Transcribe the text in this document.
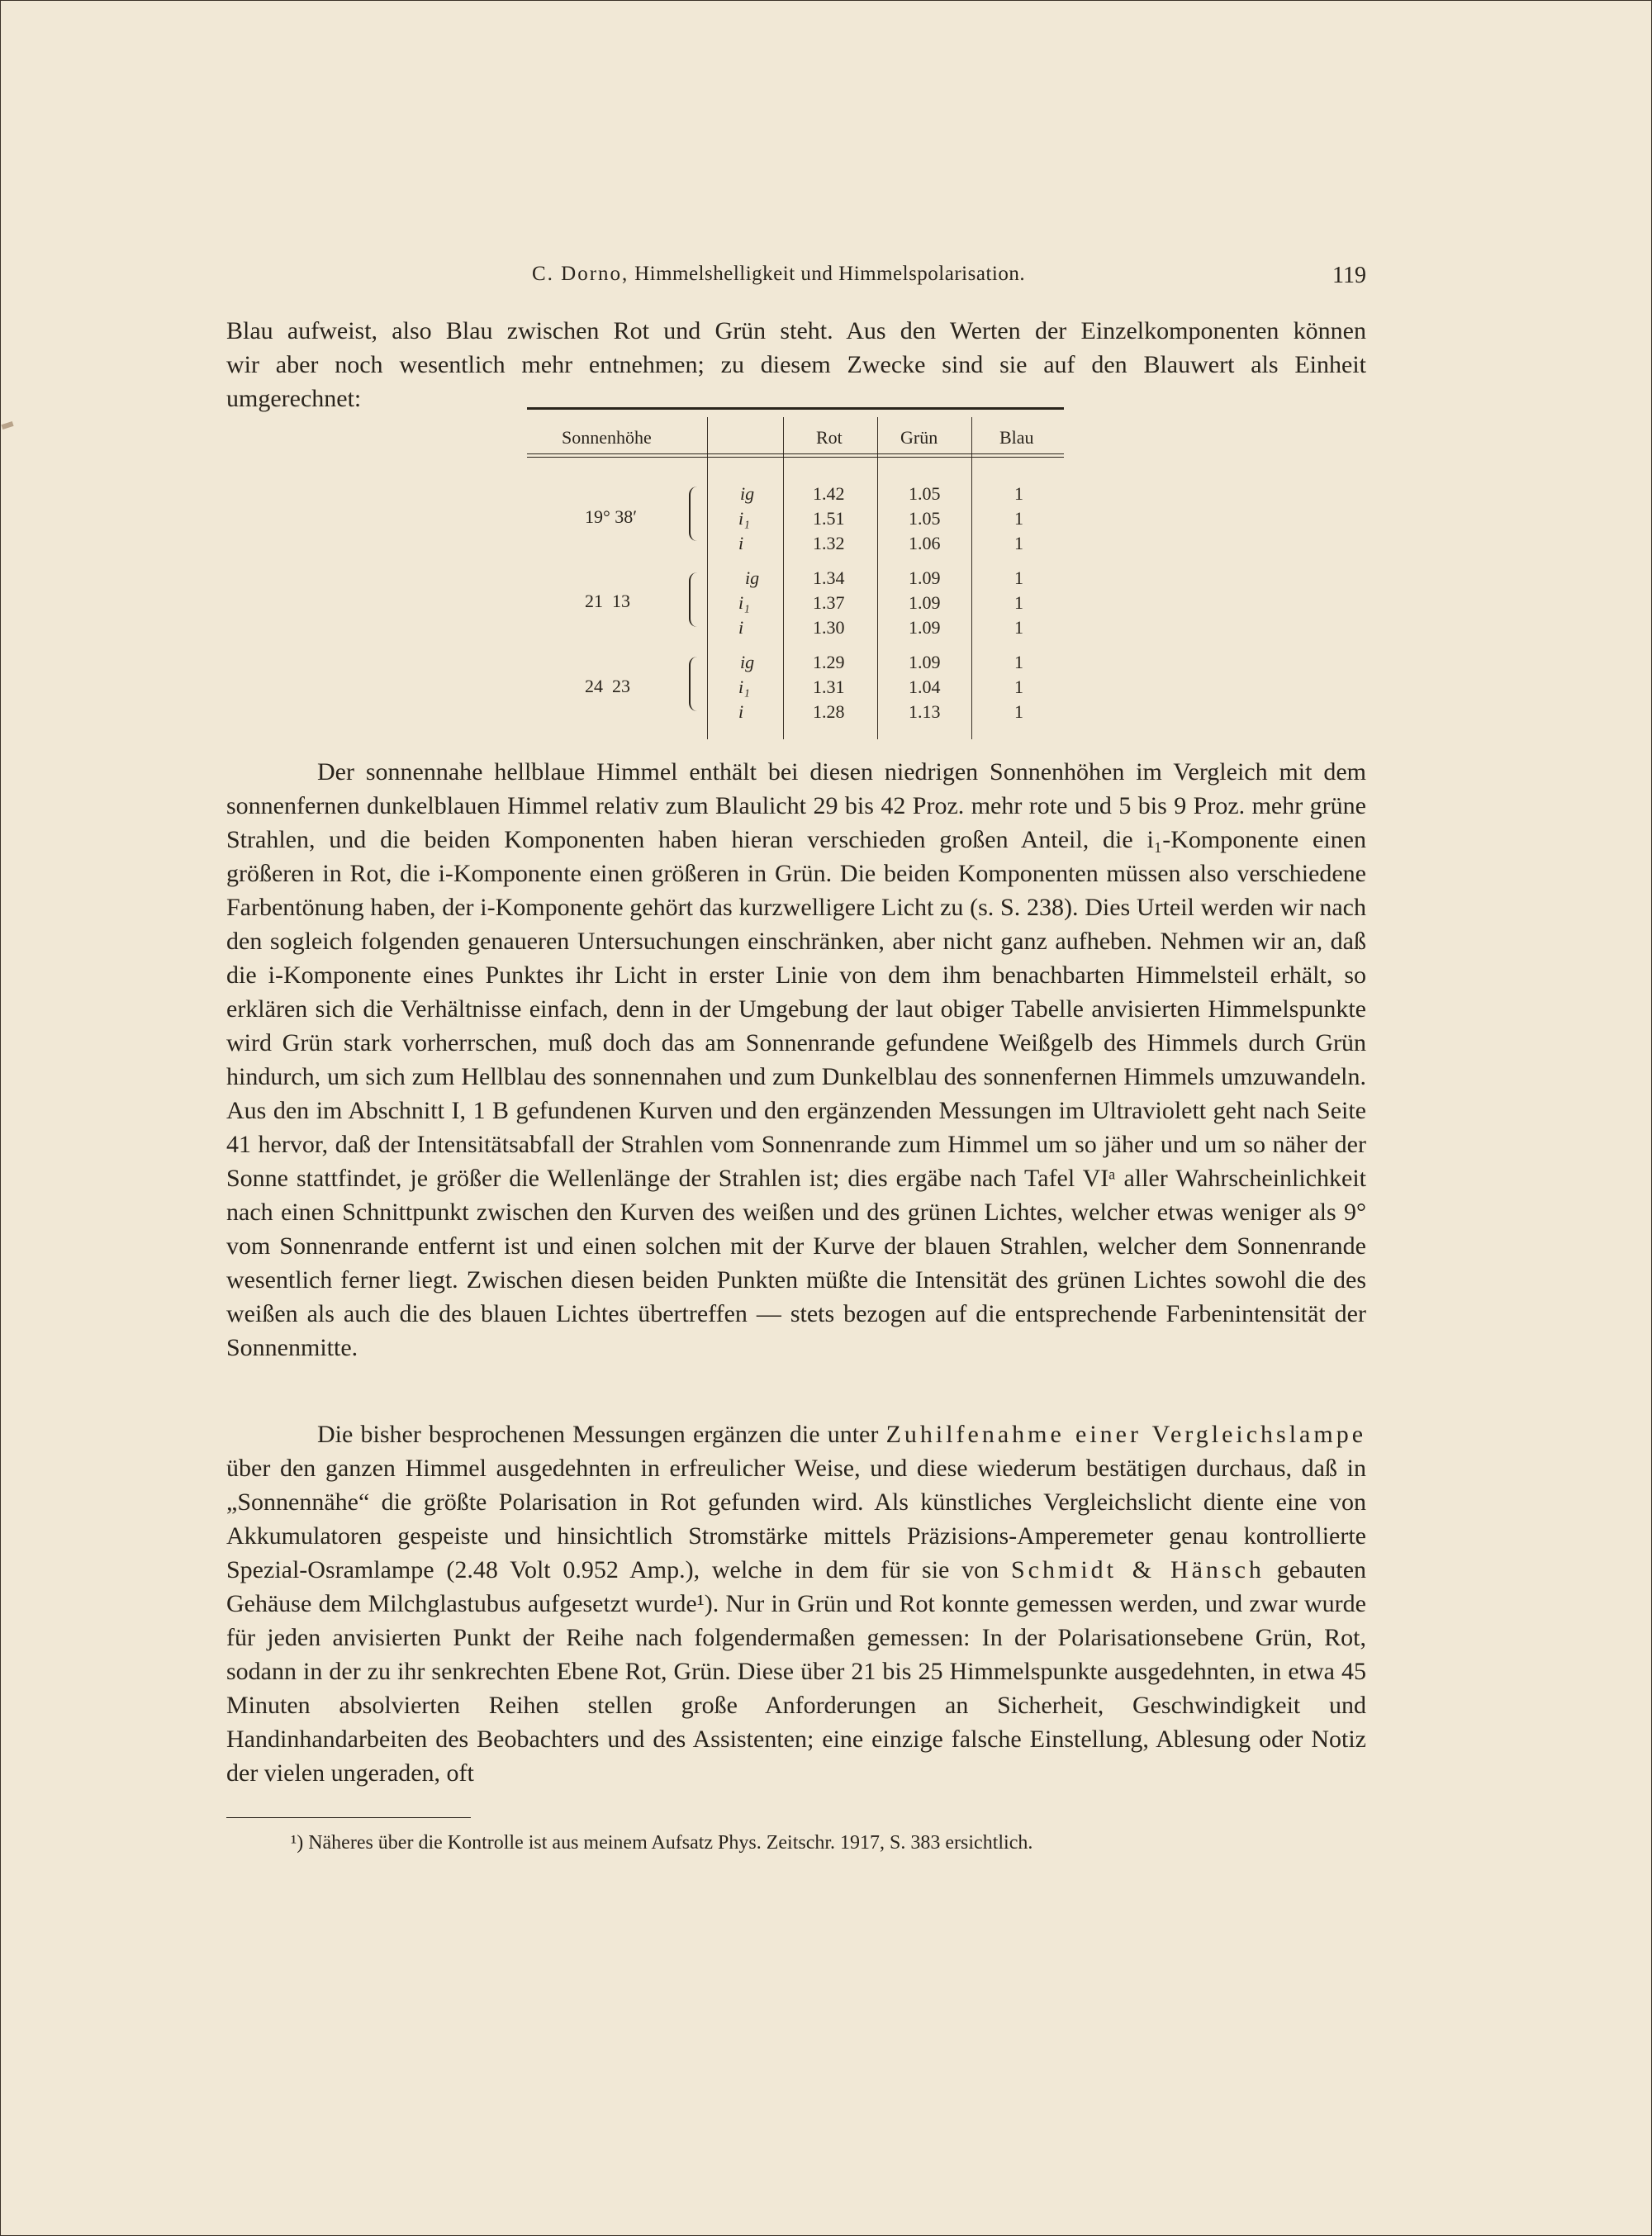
C. Dorno, Himmelshelligkeit und Himmelspolarisation.	119

Blau aufweist, also Blau zwischen Rot und Grün steht. Aus den Werten der Einzelkomponenten können

wir aber noch wesentlich mehr entnehmen; zu diesem Zwecke sind sie auf den Blauwert als Einheit

umgerechnet:

Sonnenhöhe	Rot	Grün	Blau
19° 38′
ig	1.42	1.05	1
i₁	1.51	1.05	1
i	1.32	1.06	1
21  13
ig	1.34	1.09	1
i₁	1.37	1.09	1
i	1.30	1.09	1
24  23
ig	1.29	1.09	1
i₁	1.31	1.04	1
i	1.28	1.13	1

Der sonnennahe hellblaue Himmel enthält bei diesen niedrigen Sonnenhöhen im Vergleich mit dem sonnenfernen dunkelblauen Himmel relativ zum Blaulicht 29 bis 42 Proz. mehr rote und 5 bis 9 Proz. mehr grüne Strahlen, und die beiden Komponenten haben hieran verschieden großen Anteil, die i₁-Komponente einen größeren in Rot, die i-Komponente einen größeren in Grün. Die beiden Komponenten müssen also verschiedene Farbentönung haben, der i-Komponente gehört das kurzwelligere Licht zu (s. S. 238). Dies Urteil werden wir nach den sogleich folgenden genaueren Untersuchungen einschränken, aber nicht ganz aufheben. Nehmen wir an, daß die i-Komponente eines Punktes ihr Licht in erster Linie von dem ihm benachbarten Himmelsteil erhält, so erklären sich die Verhältnisse einfach, denn in der Umgebung der laut obiger Tabelle anvisierten Himmelspunkte wird Grün stark vorherrschen, muß doch das am Sonnenrande gefundene Weißgelb des Himmels durch Grün hindurch, um sich zum Hellblau des sonnennahen und zum Dunkelblau des sonnenfernen Himmels umzuwandeln. Aus den im Abschnitt I, 1 B gefundenen Kurven und den ergänzenden Messungen im Ultraviolett geht nach Seite 41 hervor, daß der Intensitätsabfall der Strahlen vom Sonnenrande zum Himmel um so jäher und um so näher der Sonne stattfindet, je größer die Wellenlänge der Strahlen ist; dies ergäbe nach Tafel VIᵃ aller Wahrscheinlichkeit nach einen Schnittpunkt zwischen den Kurven des weißen und des grünen Lichtes, welcher etwas weniger als 9° vom Sonnenrande entfernt ist und einen solchen mit der Kurve der blauen Strahlen, welcher dem Sonnenrande wesentlich ferner liegt. Zwischen diesen beiden Punkten müßte die Intensität des grünen Lichtes sowohl die des weißen als auch die des blauen Lichtes übertreffen — stets bezogen auf die entsprechende Farbenintensität der Sonnenmitte.

Die bisher besprochenen Messungen ergänzen die unter Zuhilfenahme einer Vergleichslampe über den ganzen Himmel ausgedehnten in erfreulicher Weise, und diese wiederum bestätigen durchaus, daß in „Sonnennähe“ die größte Polarisation in Rot gefunden wird. Als künstliches Vergleichslicht diente eine von Akkumulatoren gespeiste und hinsichtlich Stromstärke mittels Präzisions-Amperemeter genau kontrollierte Spezial-Osramlampe (2.48 Volt 0.952 Amp.), welche in dem für sie von Schmidt & Hänsch gebauten Gehäuse dem Milchglastubus aufgesetzt wurde¹). Nur in Grün und Rot konnte gemessen werden, und zwar wurde für jeden anvisierten Punkt der Reihe nach folgendermaßen gemessen: In der Polarisationsebene Grün, Rot, sodann in der zu ihr senkrechten Ebene Rot, Grün. Diese über 21 bis 25 Himmelspunkte ausgedehnten, in etwa 45 Minuten absolvierten Reihen stellen große Anforderungen an Sicherheit, Geschwindigkeit und Handinhandarbeiten des Beobachters und des Assistenten; eine einzige falsche Einstellung, Ablesung oder Notiz der vielen ungeraden, oft

¹) Näheres über die Kontrolle ist aus meinem Aufsatz Phys. Zeitschr. 1917, S. 383 ersichtlich.
